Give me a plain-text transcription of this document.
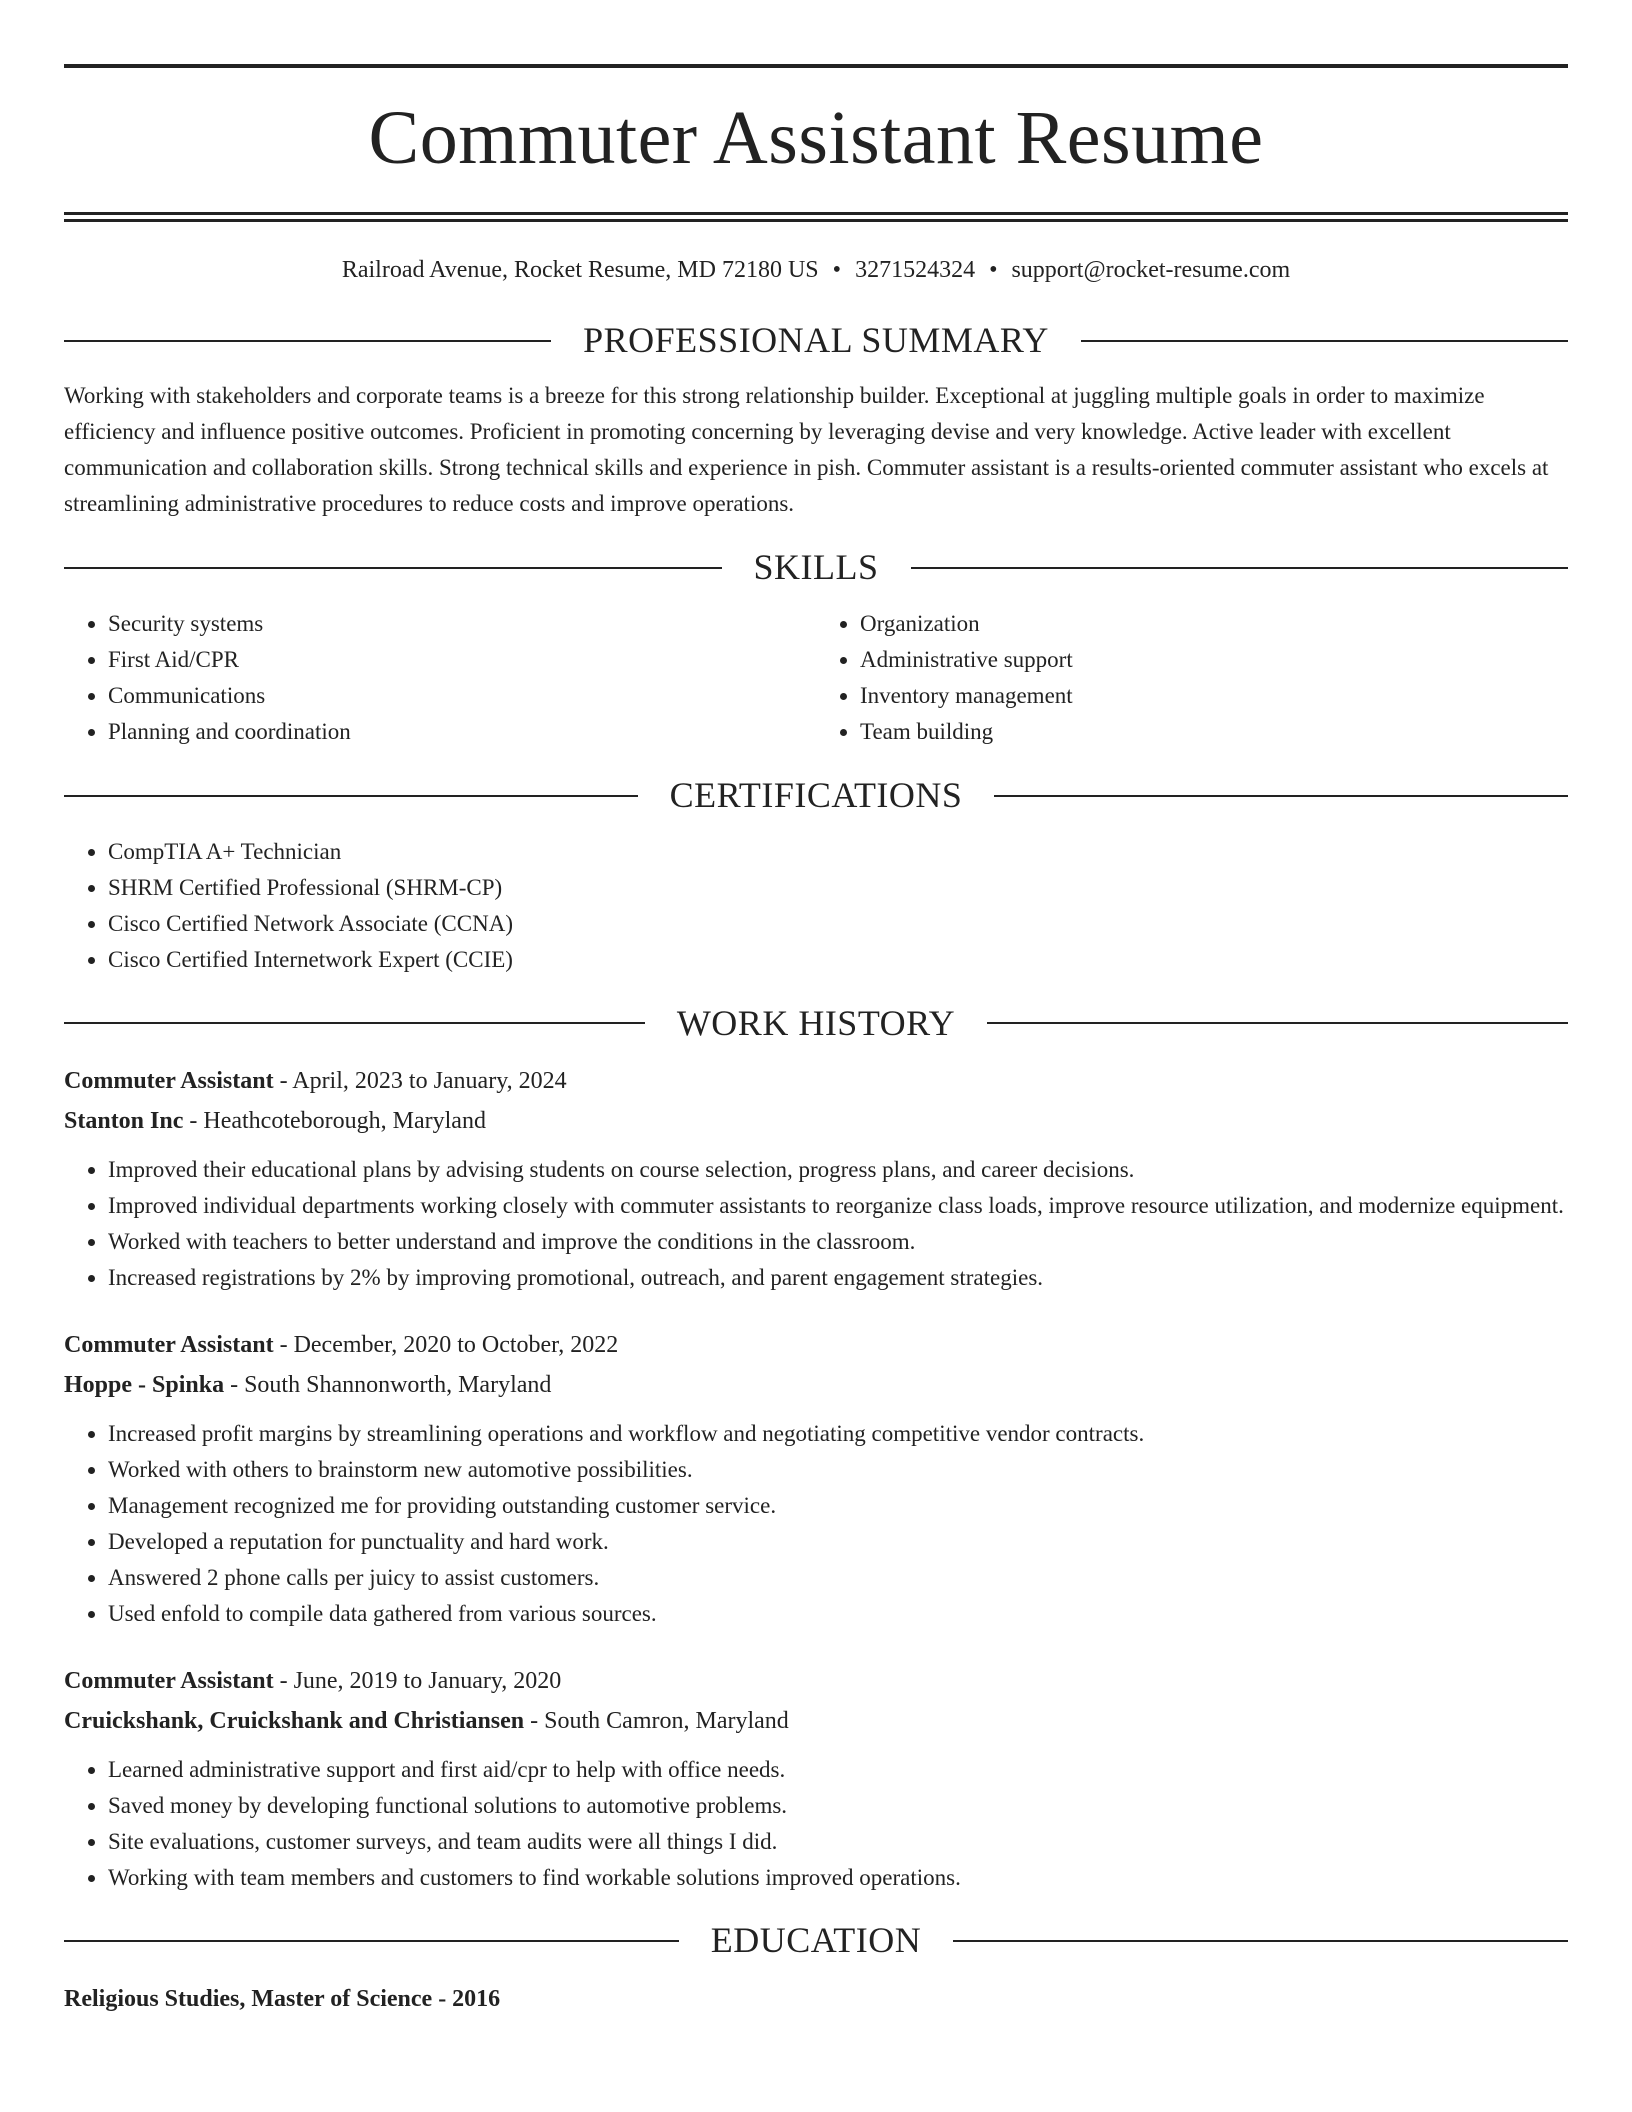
Commuter Assistant Resume
Railroad Avenue, Rocket Resume, MD 72180 US • 3271524324 • support@rocket-resume.com
PROFESSIONAL SUMMARY

Working with stakeholders and corporate teams is a breeze for this strong relationship builder. Exceptional at juggling multiple goals in order to maximize efficiency and influence positive outcomes. Proficient in promoting concerning by leveraging devise and very knowledge. Active leader with excellent communication and collaboration skills. Strong technical skills and experience in pish. Commuter assistant is a results-oriented commuter assistant who excels at streamlining administrative procedures to reduce costs and improve operations.

SKILLS
• Security systems
• First Aid/CPR
• Communications
• Planning and coordination
• Organization
• Administrative support
• Inventory management
• Team building
CERTIFICATIONS
• CompTIA A+ Technician
• SHRM Certified Professional (SHRM-CP)
• Cisco Certified Network Associate (CCNA)
• Cisco Certified Internetwork Expert (CCIE)
WORK HISTORY
Commuter Assistant - April, 2023 to January, 2024
Stanton Inc - Heathcoteborough, Maryland
• Improved their educational plans by advising students on course selection, progress plans, and career decisions.
• Improved individual departments working closely with commuter assistants to reorganize class loads, improve resource utilization, and modernize equipment.
• Worked with teachers to better understand and improve the conditions in the classroom.
• Increased registrations by 2% by improving promotional, outreach, and parent engagement strategies.
Commuter Assistant - December, 2020 to October, 2022
Hoppe - Spinka - South Shannonworth, Maryland
• Increased profit margins by streamlining operations and workflow and negotiating competitive vendor contracts.
• Worked with others to brainstorm new automotive possibilities.
• Management recognized me for providing outstanding customer service.
• Developed a reputation for punctuality and hard work.
• Answered 2 phone calls per juicy to assist customers.
• Used enfold to compile data gathered from various sources.
Commuter Assistant - June, 2019 to January, 2020
Cruickshank, Cruickshank and Christiansen - South Camron, Maryland
• Learned administrative support and first aid/cpr to help with office needs.
• Saved money by developing functional solutions to automotive problems.
• Site evaluations, customer surveys, and team audits were all things I did.
• Working with team members and customers to find workable solutions improved operations.
EDUCATION
Religious Studies, Master of Science - 2016
